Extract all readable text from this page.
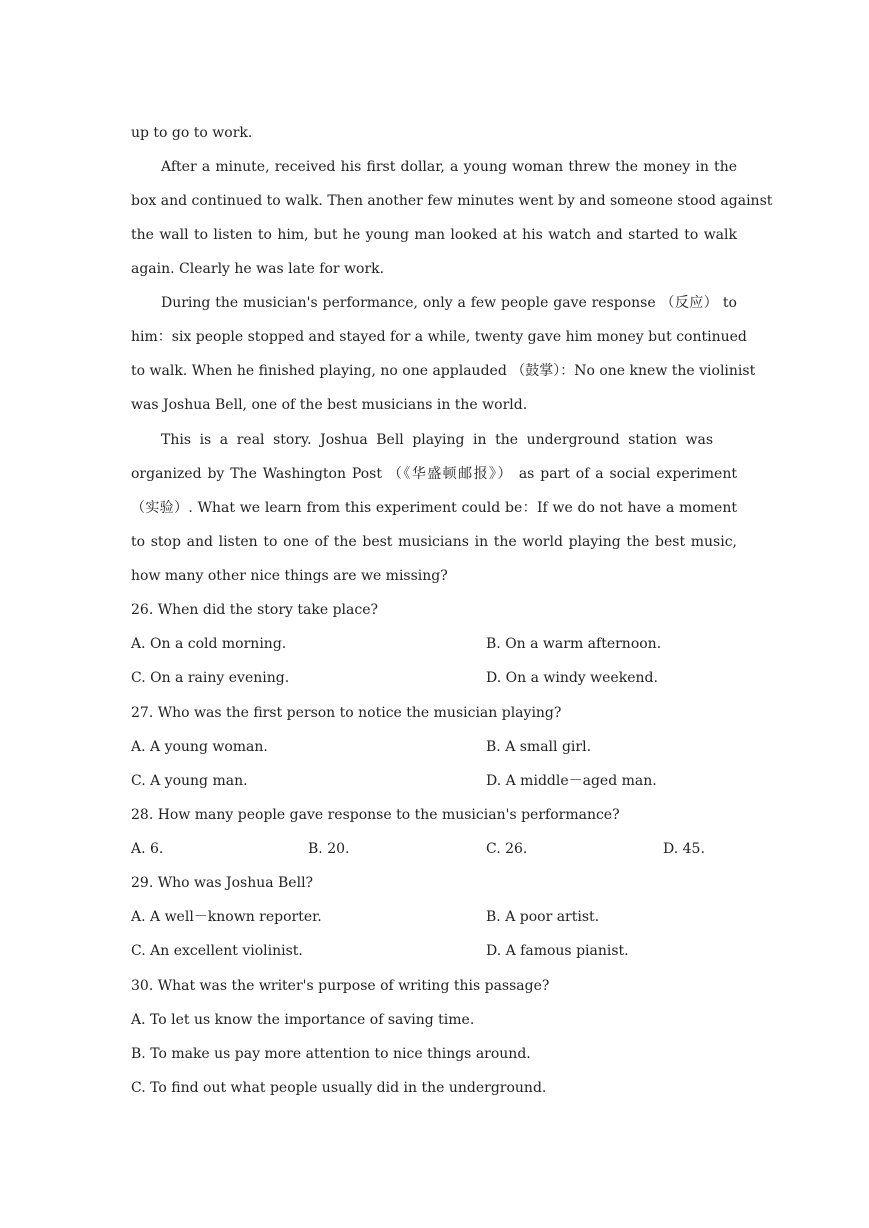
up to go to work.
After a minute, received his first dollar, a young woman threw the money in the
box and continued to walk. Then another few minutes went by and someone stood against
the wall to listen to him, but he young man looked at his watch and started to walk
again. Clearly he was late for work.
During the musician's performance, only a few people gave response （反应） to
him：six people stopped and stayed for a while, twenty gave him money but continued
to walk. When he finished playing, no one applauded （鼓掌）：No one knew the violinist
was Joshua Bell, one of the best musicians in the world.
This is a real story. Joshua Bell playing in the underground station was
organized by The Washington Post （《华盛顿邮报》） as part of a social experiment
（实验）. What we learn from this experiment could be：If we do not have a moment
to stop and listen to one of the best musicians in the world playing the best music,
how many other nice things are we missing?
26. When did the story take place?
A. On a cold morning.	B. On a warm afternoon.
C. On a rainy evening.	D. On a windy weekend.
27. Who was the first person to notice the musician playing?
A. A young woman.	B. A small girl.
C. A young man.	D. A middle－aged man.
28. How many people gave response to the musician's performance?
A. 6.	B. 20.	C. 26.	D. 45.
29. Who was Joshua Bell?
A. A well－known reporter.	B. A poor artist.
C. An excellent violinist.	D. A famous pianist.
30. What was the writer's purpose of writing this passage?
A. To let us know the importance of saving time.
B. To make us pay more attention to nice things around.
C. To find out what people usually did in the underground.
